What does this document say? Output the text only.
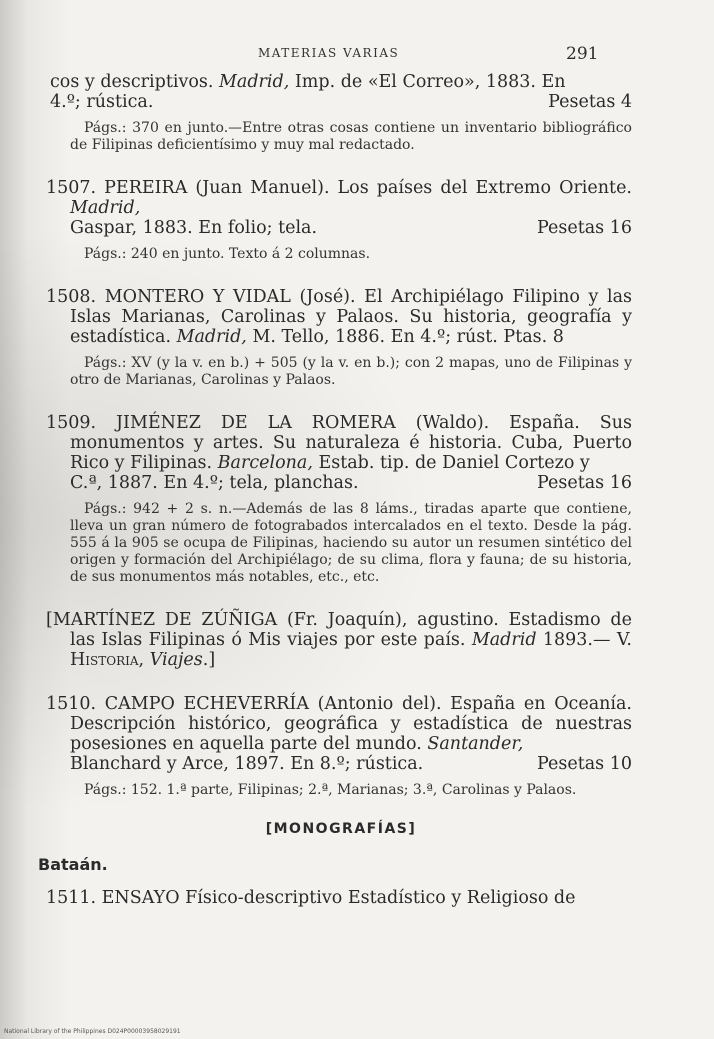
MATERIAS VARIAS	291

cos y descriptivos. Madrid, Imp. de «El Correo», 1883. En

4.º; rústica.	Pesetas 4

Págs.: 370 en junto.—Entre otras cosas contiene un inventario bibliográfico de Filipinas deficientísimo y muy mal redactado.

1507. PEREIRA (Juan Manuel). Los países del Extremo Oriente. Madrid,

Gaspar, 1883. En folio; tela.	Pesetas 16

Págs.: 240 en junto. Texto á 2 columnas.

1508. MONTERO Y VIDAL (José). El Archipiélago Filipino y las Islas Marianas, Carolinas y Palaos. Su historia, geografía y estadística. Madrid, M. Tello, 1886. En 4.º; rúst. Ptas. 8

Págs.: XV (y la v. en b.) + 505 (y la v. en b.); con 2 mapas, uno de Filipinas y otro de Marianas, Carolinas y Palaos.

1509. JIMÉNEZ DE LA ROMERA (Waldo). España. Sus monumentos y artes. Su naturaleza é historia. Cuba, Puerto Rico y Filipinas. Barcelona, Estab. tip. de Daniel Cortezo y

C.ª, 1887. En 4.º; tela, planchas.	Pesetas 16

Págs.: 942 + 2 s. n.—Además de las 8 láms., tiradas aparte que contiene, lleva un gran número de fotograbados intercalados en el texto. Desde la pág. 555 á la 905 se ocupa de Filipinas, haciendo su autor un resumen sintético del origen y formación del Archipiélago; de su clima, flora y fauna; de su historia, de sus monumentos más notables, etc., etc.

[MARTÍNEZ DE ZÚÑIGA (Fr. Joaquín), agustino. Estadismo de las Islas Filipinas ó Mis viajes por este país. Madrid 1893.— V. Historia, Viajes.]

1510. CAMPO ECHEVERRÍA (Antonio del). España en Oceanía. Descripción histórico, geográfica y estadística de nuestras posesiones en aquella parte del mundo. Santander,

Blanchard y Arce, 1897. En 8.º; rústica.	Pesetas 10

Págs.: 152. 1.ª parte, Filipinas; 2.ª, Marianas; 3.ª, Carolinas y Palaos.

[MONOGRAFÍAS]
Bataán.

1511. ENSAYO Físico-descriptivo Estadístico y Religioso de

National Library of the Philippines D024P00003958029191
